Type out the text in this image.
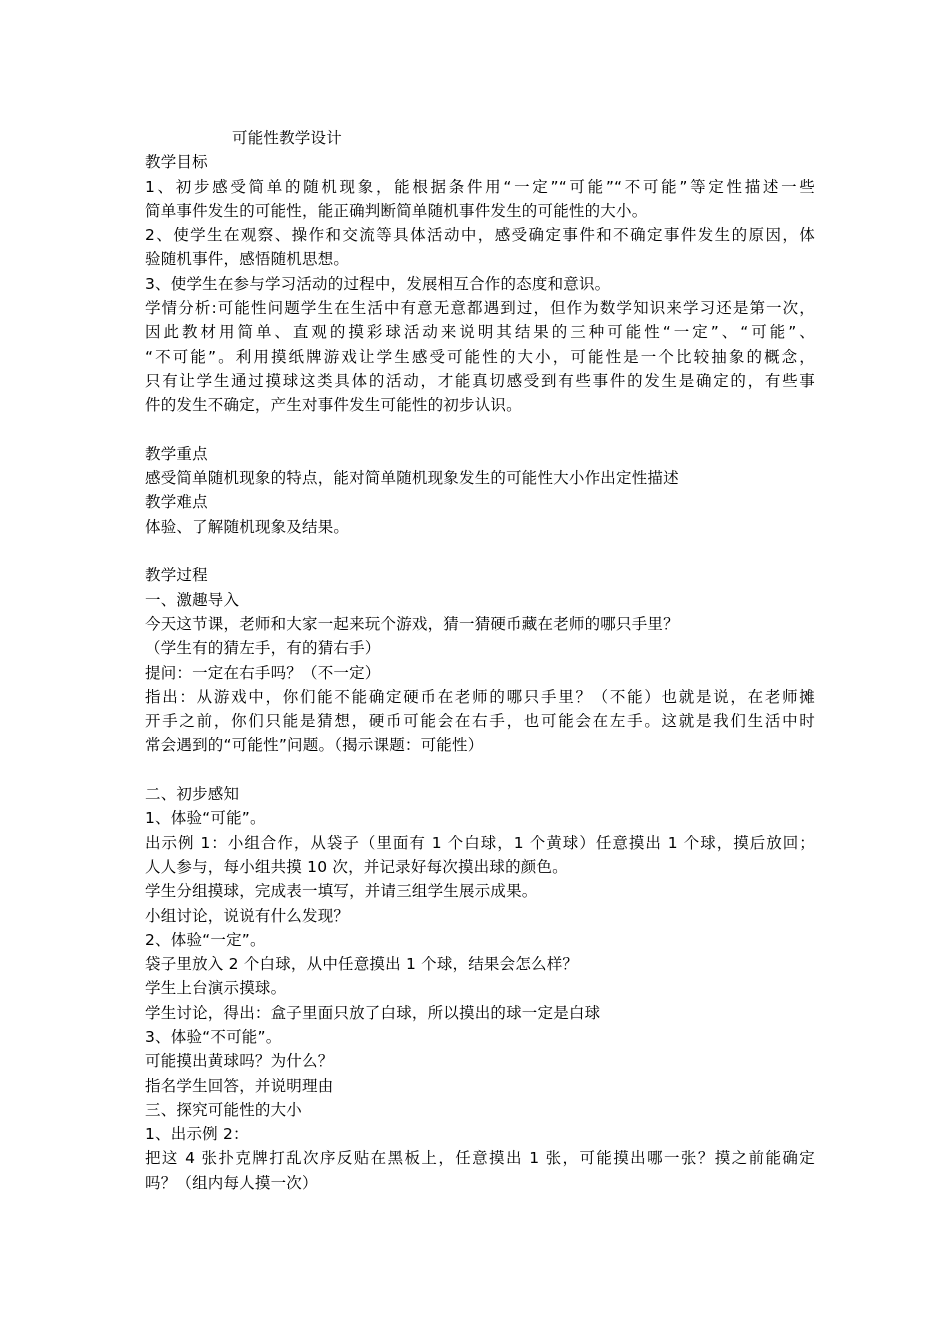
可能性教学设计
教学目标
1、初步感受简单的随机现象，能根据条件用“一定”“可能”“不可能”等定性描述一些
简单事件发生的可能性，能正确判断简单随机事件发生的可能性的大小。
2、使学生在观察、操作和交流等具体活动中，感受确定事件和不确定事件发生的原因，体
验随机事件，感悟随机思想。
3、使学生在参与学习活动的过程中，发展相互合作的态度和意识。
学情分析:可能性问题学生在生活中有意无意都遇到过，但作为数学知识来学习还是第一次，
因此教材用简单、直观的摸彩球活动来说明其结果的三种可能性“一定”、“可能”、
“不可能”。利用摸纸牌游戏让学生感受可能性的大小，可能性是一个比较抽象的概念，
只有让学生通过摸球这类具体的活动，才能真切感受到有些事件的发生是确定的，有些事
件的发生不确定，产生对事件发生可能性的初步认识。
教学重点
感受简单随机现象的特点，能对简单随机现象发生的可能性大小作出定性描述
教学难点
体验、了解随机现象及结果。
教学过程
一、激趣导入
今天这节课，老师和大家一起来玩个游戏，猜一猜硬币藏在老师的哪只手里？
（学生有的猜左手，有的猜右手）
提问：一定在右手吗？（不一定）
指出：从游戏中，你们能不能确定硬币在老师的哪只手里？（不能）也就是说，在老师摊
开手之前，你们只能是猜想，硬币可能会在右手，也可能会在左手。这就是我们生活中时
常会遇到的“可能性”问题。（揭示课题：可能性）
二、初步感知
1、体验“可能”。
出示例 1：小组合作，从袋子（里面有 1 个白球，1 个黄球）任意摸出 1 个球，摸后放回；
人人参与，每小组共摸 10 次，并记录好每次摸出球的颜色。
学生分组摸球，完成表一填写，并请三组学生展示成果。
小组讨论，说说有什么发现？
2、体验“一定”。
袋子里放入 2 个白球，从中任意摸出 1 个球，结果会怎么样？
学生上台演示摸球。
学生讨论，得出：盒子里面只放了白球，所以摸出的球一定是白球
3、体验“不可能”。
可能摸出黄球吗？为什么？
指名学生回答，并说明理由
三、探究可能性的大小
1、出示例 2：
把这 4 张扑克牌打乱次序反贴在黑板上，任意摸出 1 张，可能摸出哪一张？摸之前能确定
吗？（组内每人摸一次）
